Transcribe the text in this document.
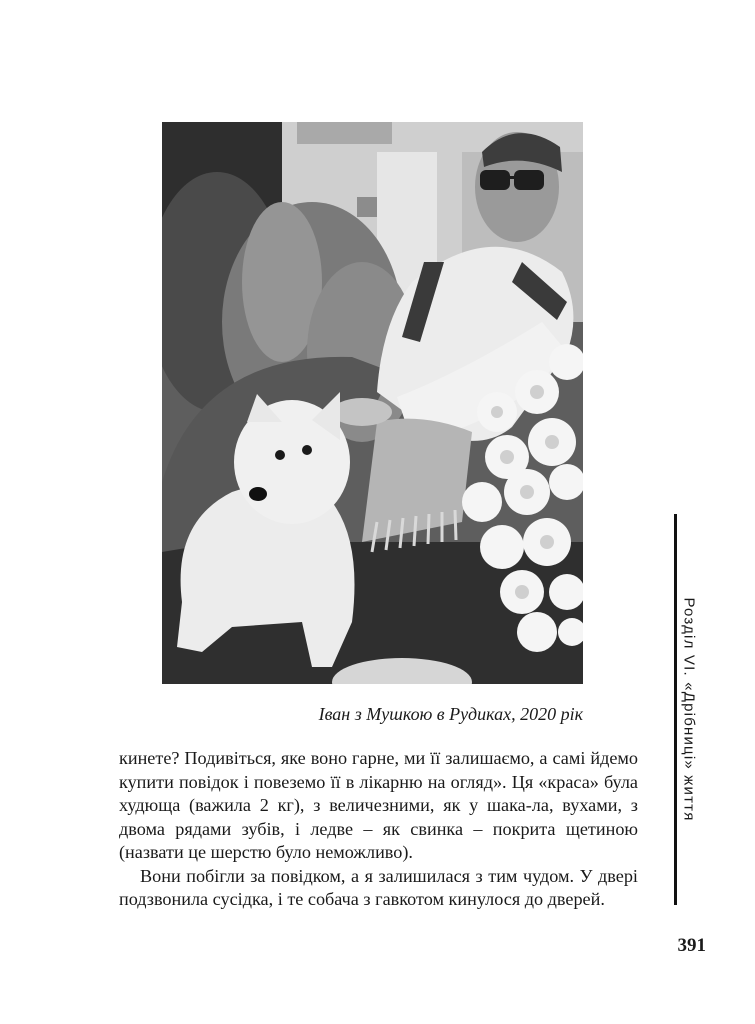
Іван з Мушкою в Рудиках, 2020 рік

кинете? Подивіться, яке воно гарне, ми її залишаємо, а самі йдемо купити повідок і повеземо її в лікарню на огляд». Ця «краса» була худюща (важила 2 кг), з величезними, як у шака-ла, вухами, з двома рядами зубів, і ледве – як свинка – покрита щетиною (назвати це шерстю було неможливо).

Вони побігли за повідком, а я залишилася з тим чудом. У двері подзвонила сусідка, і те собача з гавкотом кинулося до дверей.

Розділ VI. «Дрібниці» життя
391
